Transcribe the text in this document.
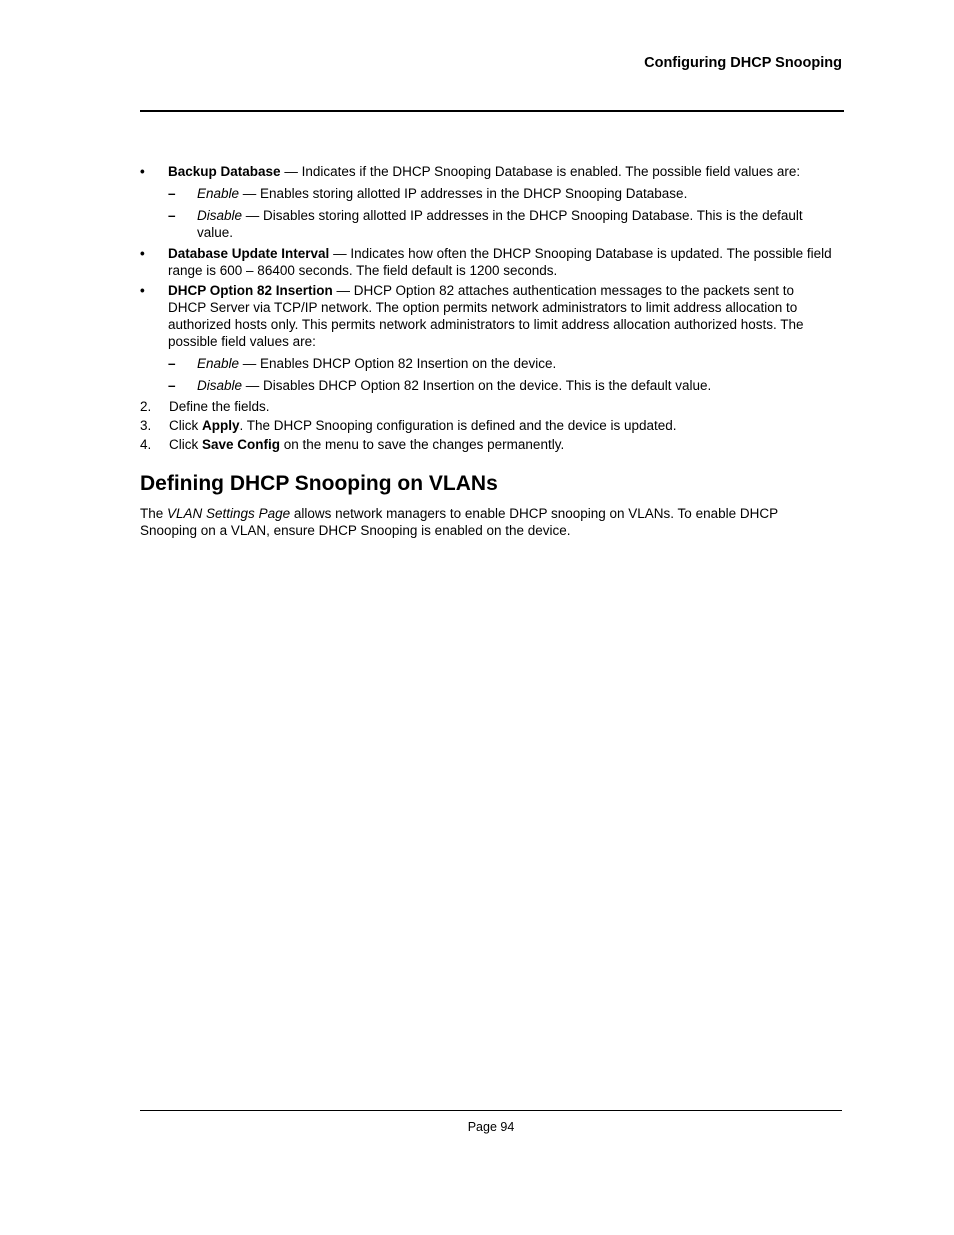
Configuring DHCP Snooping
• Backup Database — Indicates if the DHCP Snooping Database is enabled. The possible field values are:
– Enable — Enables storing allotted IP addresses in the DHCP Snooping Database.
– Disable — Disables storing allotted IP addresses in the DHCP Snooping Database. This is the default value.
• Database Update Interval — Indicates how often the DHCP Snooping Database is updated. The possible field range is 600 – 86400 seconds. The field default is 1200 seconds.
• DHCP Option 82 Insertion — DHCP Option 82 attaches authentication messages to the packets sent to DHCP Server via TCP/IP network. The option permits network administrators to limit address allocation to authorized hosts only. This permits network administrators to limit address allocation authorized hosts. The possible field values are:
– Enable — Enables DHCP Option 82 Insertion on the device.
– Disable — Disables DHCP Option 82 Insertion on the device. This is the default value.
2. Define the fields.
3. Click Apply. The DHCP Snooping configuration is defined and the device is updated.
4. Click Save Config on the menu to save the changes permanently.
Defining DHCP Snooping on VLANs
The VLAN Settings Page allows network managers to enable DHCP snooping on VLANs. To enable DHCP Snooping on a VLAN, ensure DHCP Snooping is enabled on the device.
Page 94
